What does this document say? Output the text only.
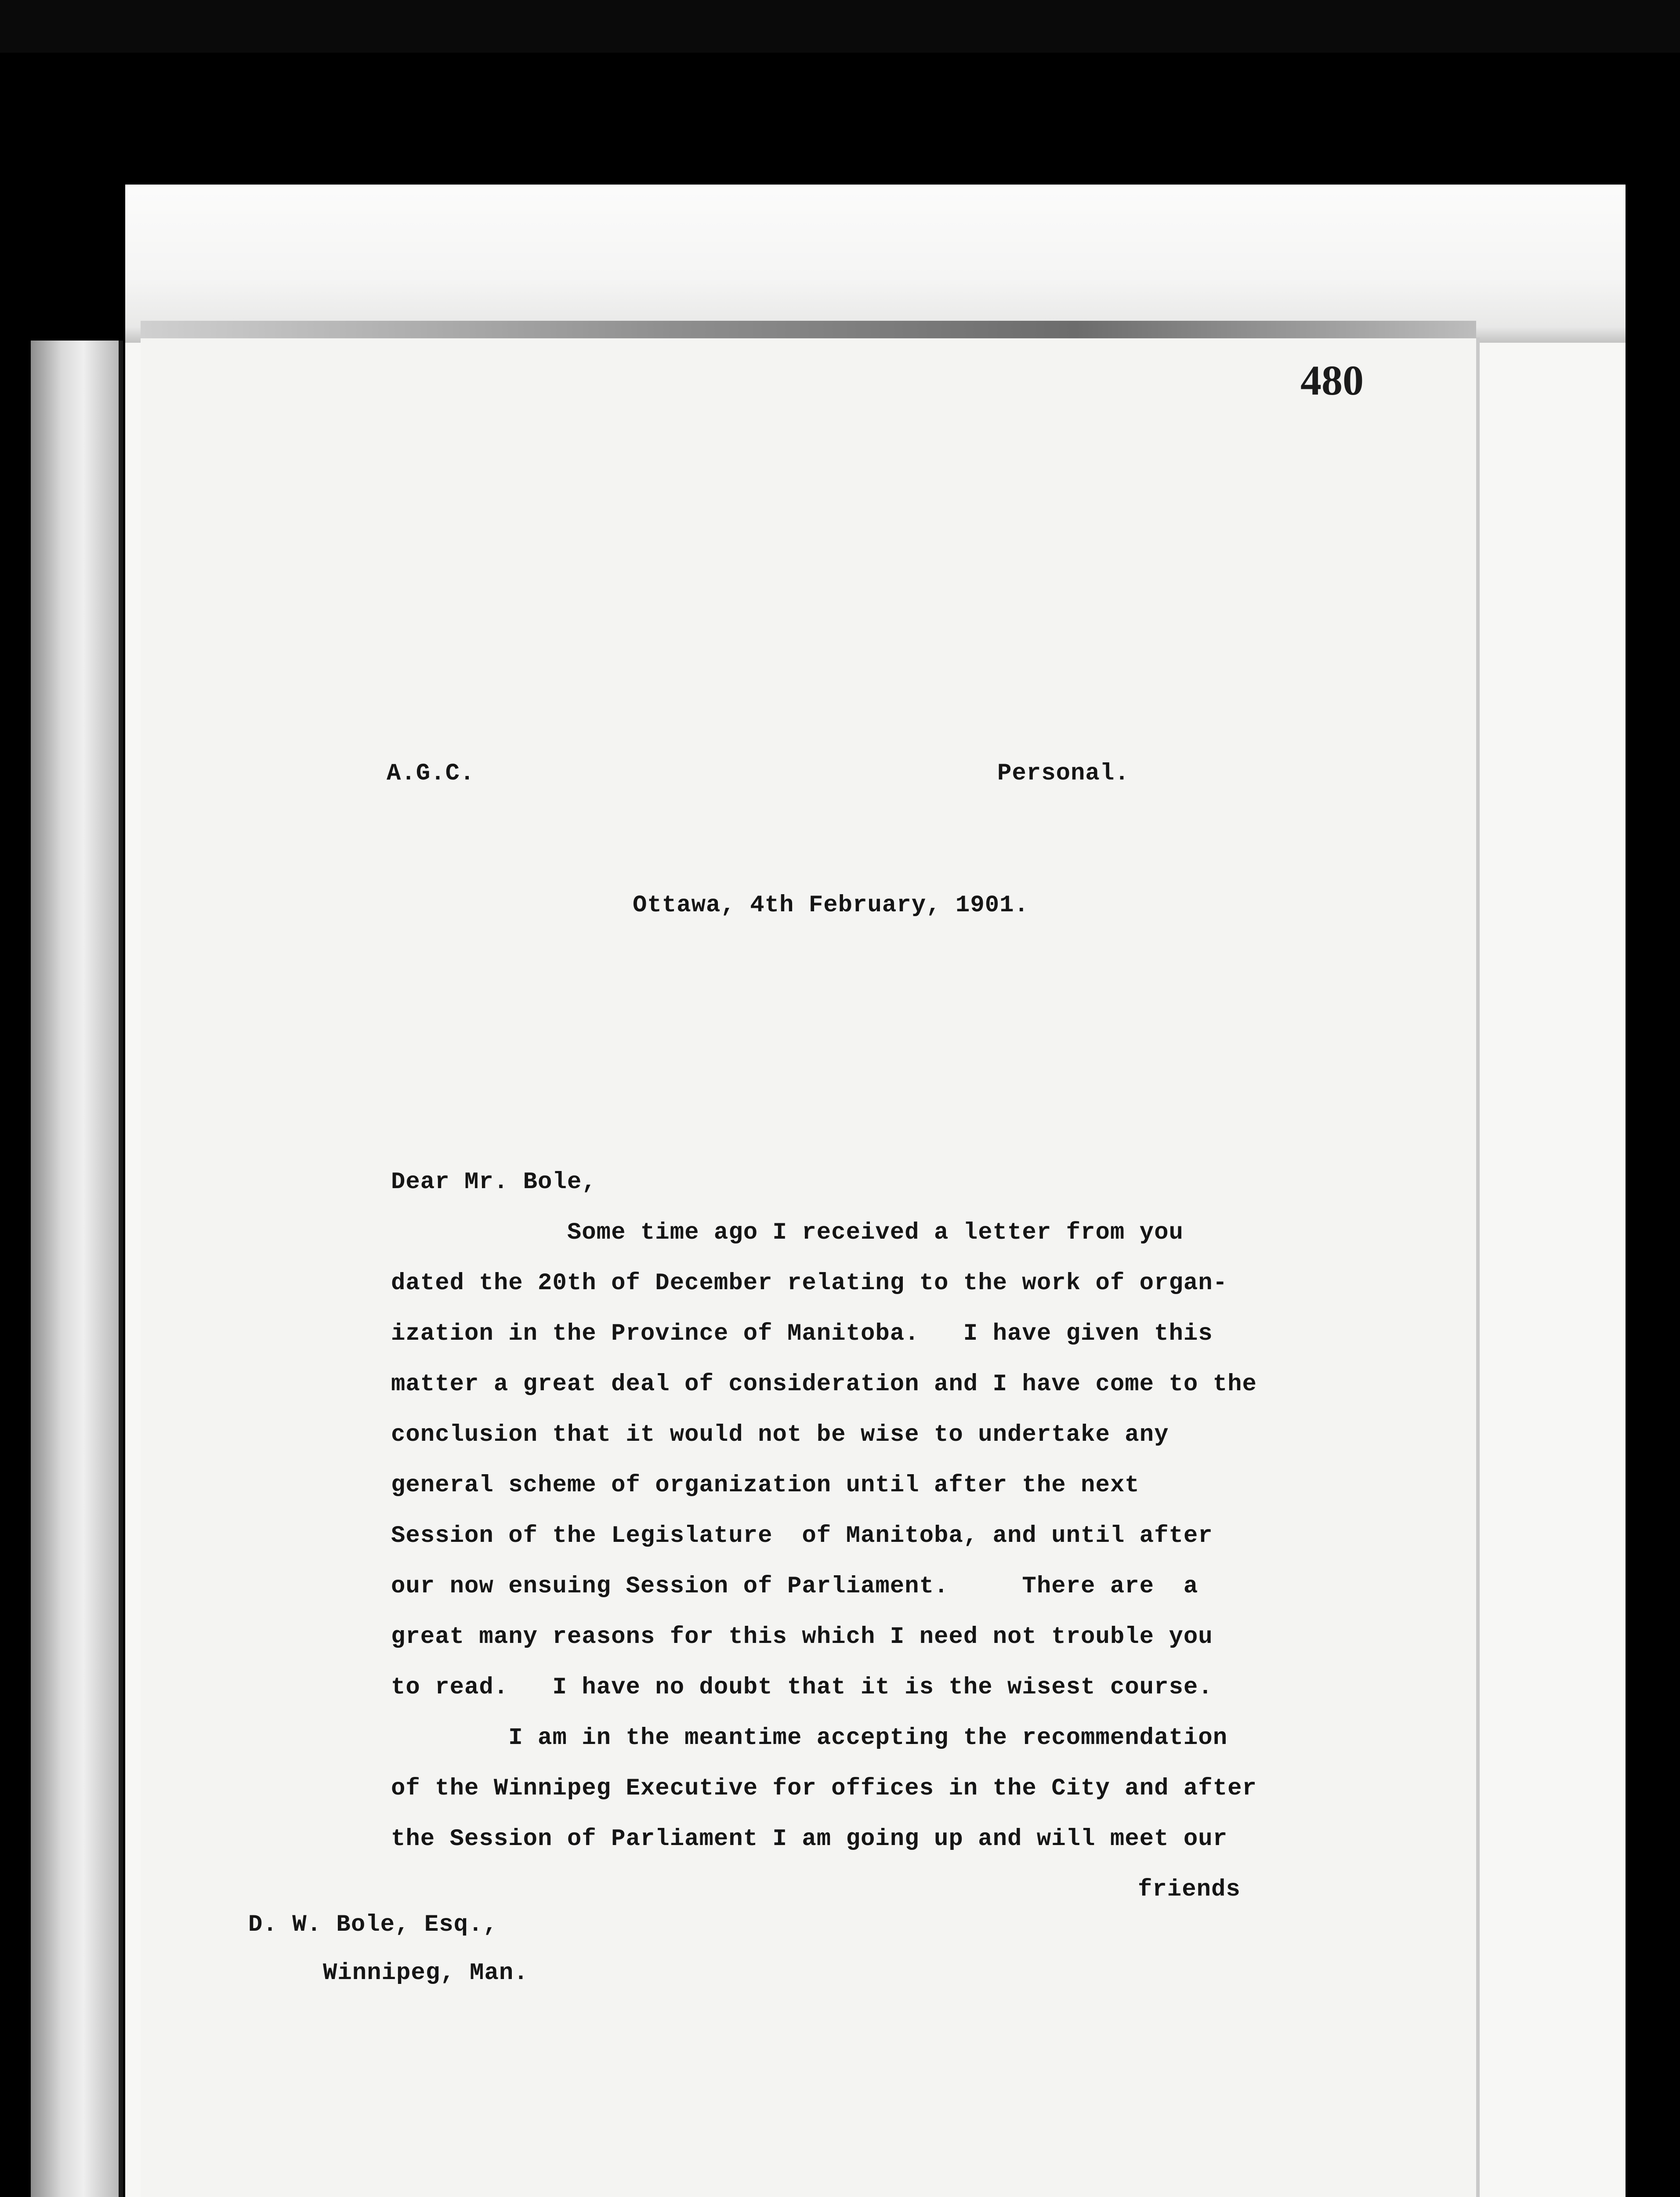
480
A.G.C.	Personal.
Ottawa, 4th February, 1901.
Dear Mr. Bole,
Some time ago I received a letter from you
dated the 20th of December relating to the work of organ-
ization in the Province of Manitoba.   I have given this
matter a great deal of consideration and I have come to the
conclusion that it would not be wise to undertake any
general scheme of organization until after the next
Session of the Legislature  of Manitoba, and until after
our now ensuing Session of Parliament.     There are  a
great many reasons for this which I need not trouble you
to read.   I have no doubt that it is the wisest course.
I am in the meantime accepting the recommendation
of the Winnipeg Executive for offices in the City and after
the Session of Parliament I am going up and will meet our
friends
D. W. Bole, Esq.,
Winnipeg, Man.
